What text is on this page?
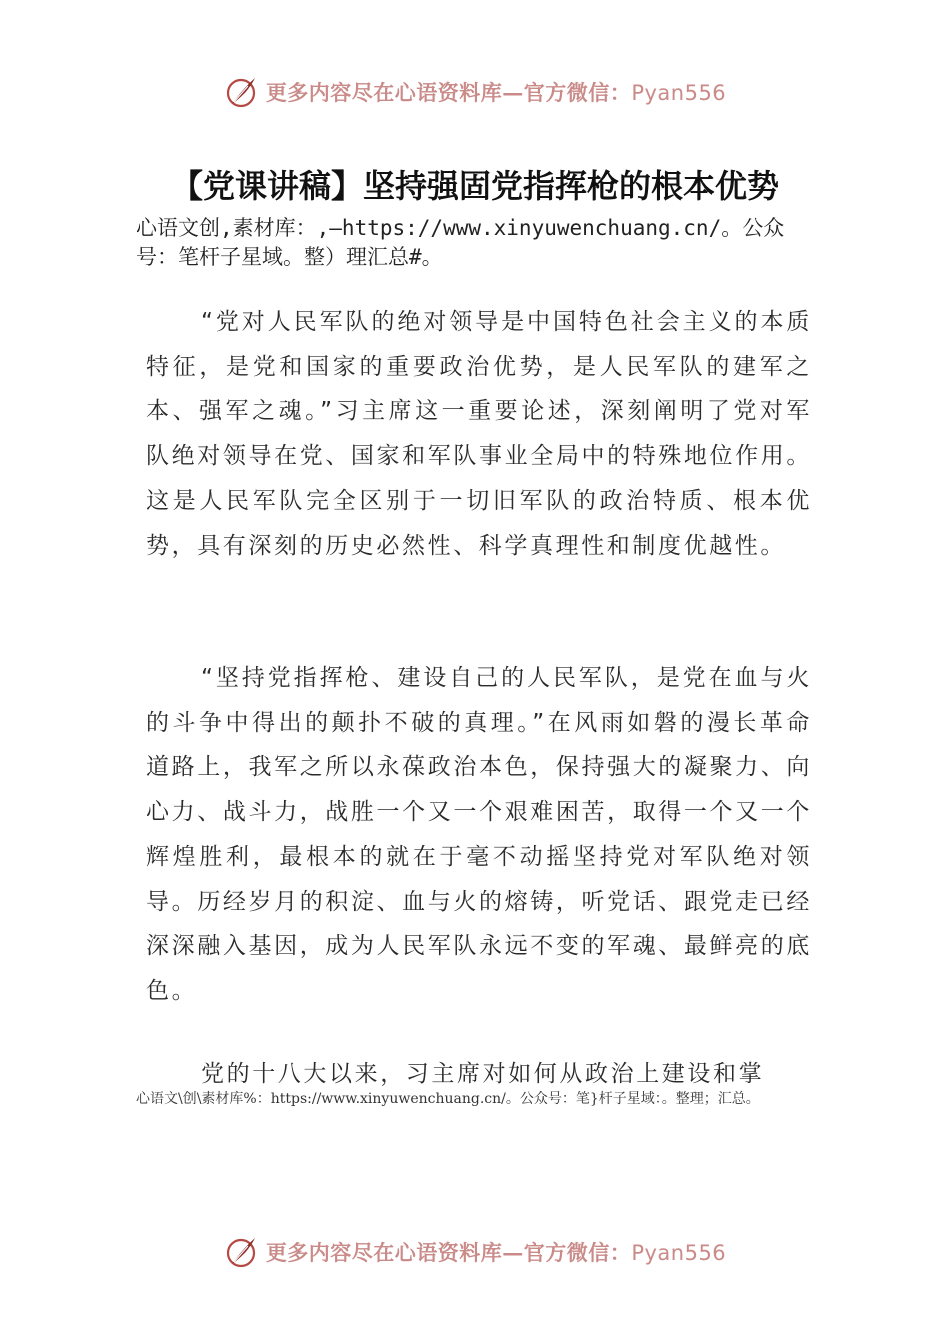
更多内容尽在心语资料库—官方微信：Pyan556
【党课讲稿】坚持强固党指挥枪的根本优势
心语文创,素材库：,—https://www.xinyuwenchuang.cn/。公众号：笔杆子星域。整）理汇总#。

“党对人民军队的绝对领导是中国特色社会主义的本质特征，是党和国家的重要政治优势，是人民军队的建军之本、强军之魂。”习主席这一重要论述，深刻阐明了党对军队绝对领导在党、国家和军队事业全局中的特殊地位作用。这是人民军队完全区别于一切旧军队的政治特质、根本优势，具有深刻的历史必然性、科学真理性和制度优越性。

“坚持党指挥枪、建设自己的人民军队，是党在血与火的斗争中得出的颠扑不破的真理。”在风雨如磐的漫长革命道路上，我军之所以永葆政治本色，保持强大的凝聚力、向心力、战斗力，战胜一个又一个艰难困苦，取得一个又一个辉煌胜利，最根本的就在于毫不动摇坚持党对军队绝对领导。历经岁月的积淀、血与火的熔铸，听党话、跟党走已经深深融入基因，成为人民军队永远不变的军魂、最鲜亮的底色。

党的十八大以来，习主席对如何从政治上建设和掌

心语文\创\素材库%：https://www.xinyuwenchuang.cn/。公众号：笔}杆子星域：。整理；汇总。
更多内容尽在心语资料库—官方微信：Pyan556
